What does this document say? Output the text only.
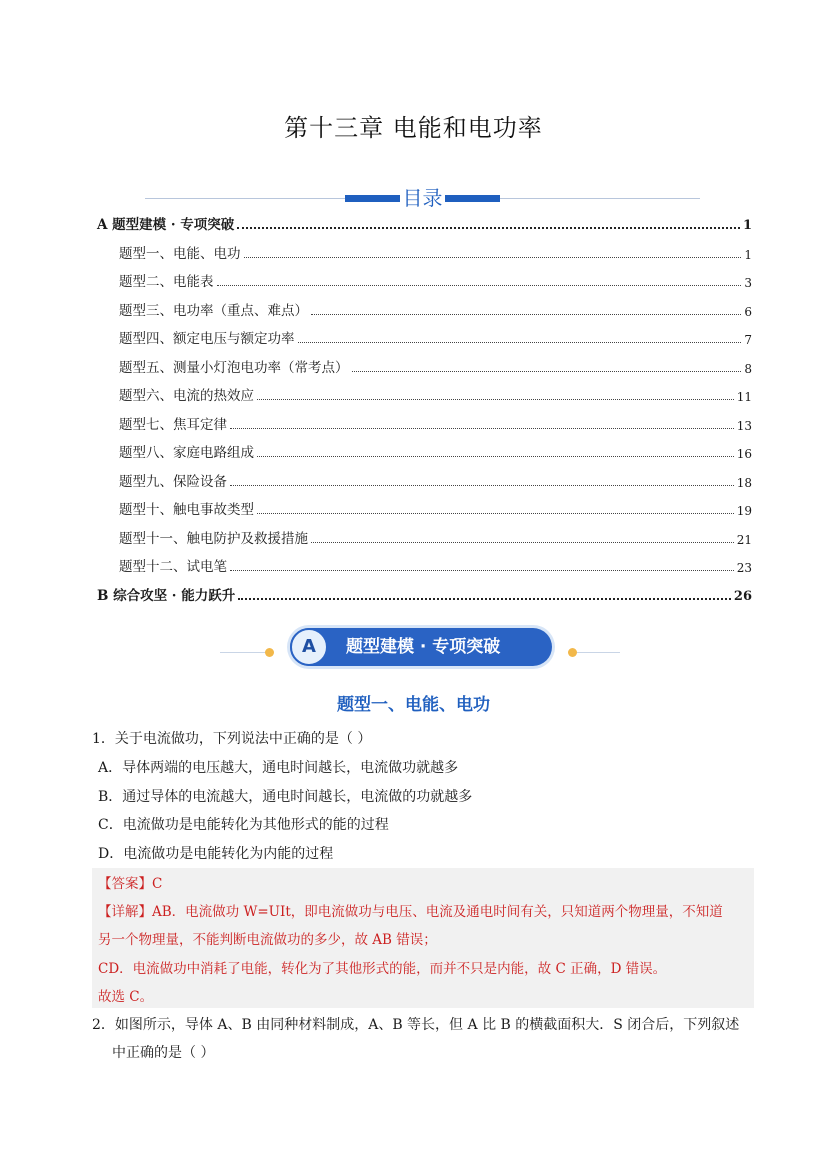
第十三章 电能和电功率
目录
A 题型建模 · 专项突破	1
题型一、电能、电功	1
题型二、电能表	3
题型三、电功率（重点、难点）	6
题型四、额定电压与额定功率	7
题型五、测量小灯泡电功率（常考点）	8
题型六、电流的热效应	11
题型七、焦耳定律	13
题型八、家庭电路组成	16
题型九、保险设备	18
题型十、触电事故类型	19
题型十一、触电防护及救援措施	21
题型十二、试电笔	23
B 综合攻坚 · 能力跃升	26
A	题型建模 · 专项突破
题型一、电能、电功
1．关于电流做功，下列说法中正确的是（ ）
A．导体两端的电压越大，通电时间越长，电流做功就越多
B．通过导体的电流越大，通电时间越长，电流做的功就越多
C．电流做功是电能转化为其他形式的能的过程
D．电流做功是电能转化为内能的过程
【答案】C
【详解】AB．电流做功 W=UIt，即电流做功与电压、电流及通电时间有关，只知道两个物理量，不知道
另一个物理量，不能判断电流做功的多少，故 AB 错误；
CD．电流做功中消耗了电能，转化为了其他形式的能，而并不只是内能，故 C 正确，D 错误。
故选 C。
2．如图所示，导体 A、B 由同种材料制成，A、B 等长，但 A 比 B 的横截面积大．S 闭合后，下列叙述
中正确的是（ ）
